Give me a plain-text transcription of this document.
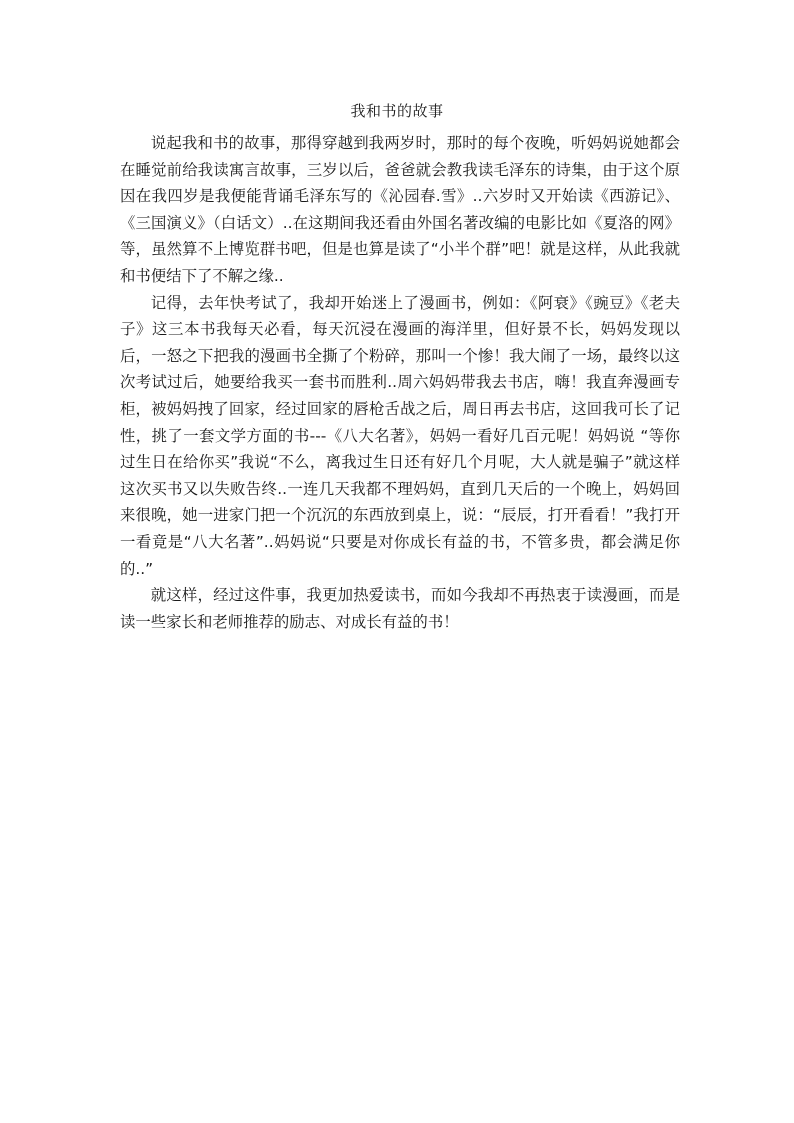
我和书的故事

说起我和书的故事，那得穿越到我两岁时，那时的每个夜晚，听妈妈说她都会在睡觉前给我读寓言故事，三岁以后，爸爸就会教我读毛泽东的诗集，由于这个原因在我四岁是我便能背诵毛泽东写的《沁园春.雪》..六岁时又开始读《西游记》、《三国演义》（白话文）..在这期间我还看由外国名著改编的电影比如《夏洛的网》等，虽然算不上博览群书吧，但是也算是读了“小半个群”吧！就是这样，从此我就和书便结下了不解之缘..

记得，去年快考试了，我却开始迷上了漫画书，例如：《阿衰》《豌豆》《老夫子》这三本书我每天必看，每天沉浸在漫画的海洋里，但好景不长，妈妈发现以后，一怒之下把我的漫画书全撕了个粉碎，那叫一个惨！我大闹了一场，最终以这次考试过后，她要给我买一套书而胜利..周六妈妈带我去书店，嗨！我直奔漫画专柜，被妈妈拽了回家，经过回家的唇枪舌战之后，周日再去书店，这回我可长了记性，挑了一套文学方面的书---《八大名著》，妈妈一看好几百元呢！妈妈说 “等你过生日在给你买”我说“不么，离我过生日还有好几个月呢，大人就是骗子”就这样这次买书又以失败告终..一连几天我都不理妈妈，直到几天后的一个晚上，妈妈回来很晚，她一进家门把一个沉沉的东西放到桌上，说：“辰辰，打开看看！”我打开一看竟是“八大名著”..妈妈说“只要是对你成长有益的书，不管多贵，都会满足你的..”

就这样，经过这件事，我更加热爱读书，而如今我却不再热衷于读漫画，而是读一些家长和老师推荐的励志、对成长有益的书！
